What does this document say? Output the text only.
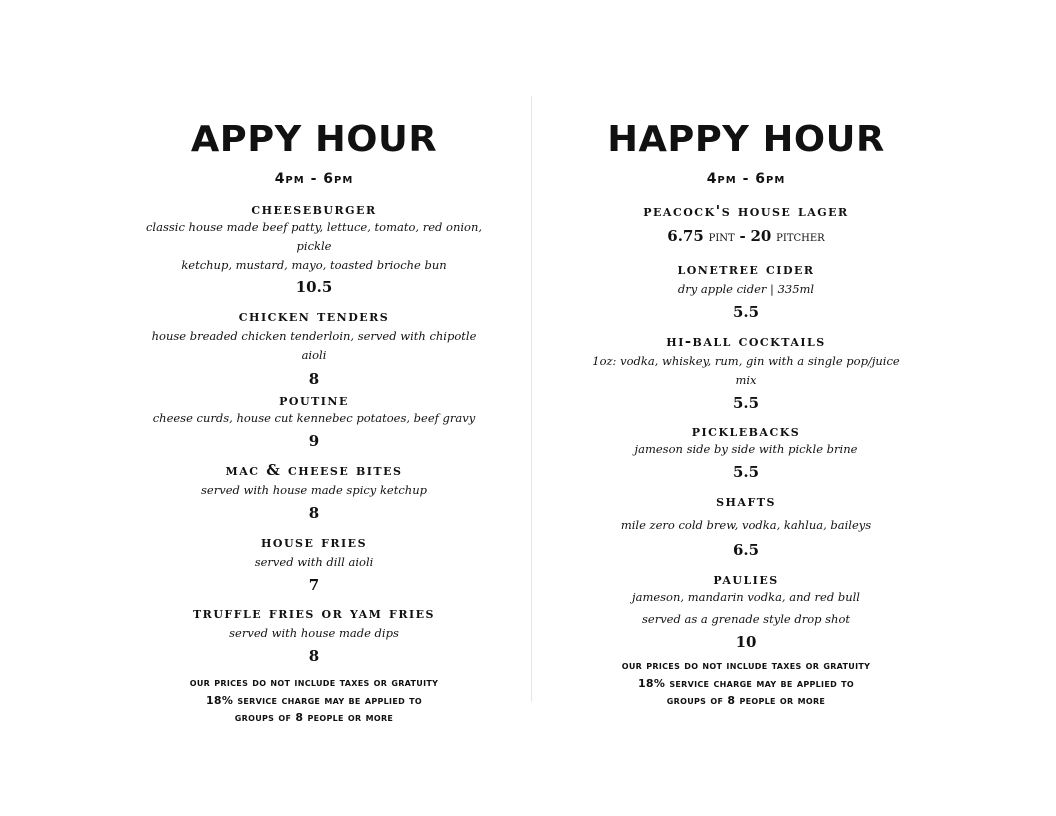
APPY HOUR
4pm - 6pm
cheeseburger
classic house made beef patty, lettuce, tomato, red onion, pickle
ketchup, mustard, mayo, toasted brioche bun
10.5
chicken tenders
house breaded chicken tenderloin, served with chipotle aioli
8
poutine
cheese curds, house cut kennebec potatoes, beef gravy
9
mac & cheese bites
served with house made spicy ketchup
8
house fries
served with dill aioli
7
truffle fries or yam fries
served with house made dips
8
our prices do not include taxes or gratuity
18% service charge may be applied to
groups of 8 people or more
HAPPY HOUR
4pm - 6pm
peacock's house lager
6.75 pint - 20 pitcher
lonetree cider
dry apple cider | 335ml
5.5
hi-ball cocktails
1oz: vodka, whiskey, rum, gin with a single pop/juice mix
5.5
picklebacks
jameson side by side with pickle brine
5.5
shafts
mile zero cold brew, vodka, kahlua, baileys
6.5
paulies
jameson, mandarin vodka, and red bull
served as a grenade style drop shot
10
our prices do not include taxes or gratuity
18% service charge may be applied to
groups of 8 people or more
